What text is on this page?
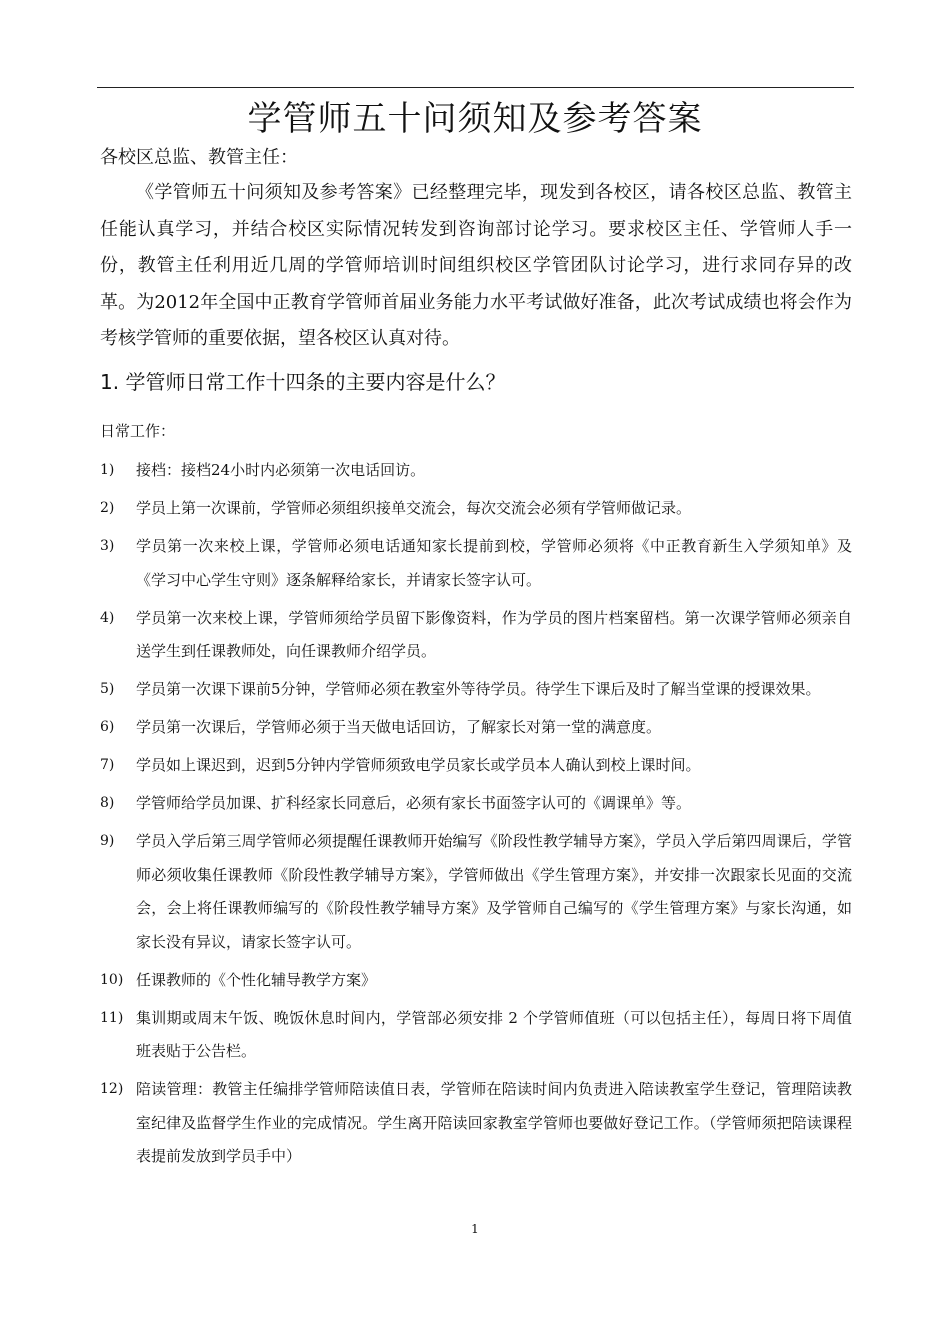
学管师五十问须知及参考答案
各校区总监、教管主任：

《学管师五十问须知及参考答案》已经整理完毕，现发到各校区，请各校区总监、教管主任能认真学习，并结合校区实际情况转发到咨询部讨论学习。要求校区主任、学管师人手一份，教管主任利用近几周的学管师培训时间组织校区学管团队讨论学习，进行求同存异的改革。为2012年全国中正教育学管师首届业务能力水平考试做好准备，此次考试成绩也将会作为考核学管师的重要依据，望各校区认真对待。

1. 学管师日常工作十四条的主要内容是什么？
日常工作：
1)	接档：接档24小时内必须第一次电话回访。
2)	学员上第一次课前，学管师必须组织接单交流会，每次交流会必须有学管师做记录。
3)	学员第一次来校上课，学管师必须电话通知家长提前到校，学管师必须将《中正教育新生入学须知单》及《学习中心学生守则》逐条解释给家长，并请家长签字认可。
4)	学员第一次来校上课，学管师须给学员留下影像资料，作为学员的图片档案留档。第一次课学管师必须亲自送学生到任课教师处，向任课教师介绍学员。
5)	学员第一次课下课前5分钟，学管师必须在教室外等待学员。待学生下课后及时了解当堂课的授课效果。
6)	学员第一次课后，学管师必须于当天做电话回访，了解家长对第一堂的满意度。
7)	学员如上课迟到，迟到5分钟内学管师须致电学员家长或学员本人确认到校上课时间。
8)	学管师给学员加课、扩科经家长同意后，必须有家长书面签字认可的《调课单》等。
9)	学员入学后第三周学管师必须提醒任课教师开始编写《阶段性教学辅导方案》，学员入学后第四周课后，学管师必须收集任课教师《阶段性教学辅导方案》，学管师做出《学生管理方案》，并安排一次跟家长见面的交流会，会上将任课教师编写的《阶段性教学辅导方案》及学管师自己编写的《学生管理方案》与家长沟通，如家长没有异议，请家长签字认可。
10) 任课教师的《个性化辅导教学方案》
11) 集训期或周末午饭、晚饭休息时间内，学管部必须安排 2 个学管师值班（可以包括主任），每周日将下周值班表贴于公告栏。
12) 陪读管理：教管主任编排学管师陪读值日表，学管师在陪读时间内负责进入陪读教室学生登记，管理陪读教室纪律及监督学生作业的完成情况。学生离开陪读回家教室学管师也要做好登记工作。（学管师须把陪读课程表提前发放到学员手中）
1
